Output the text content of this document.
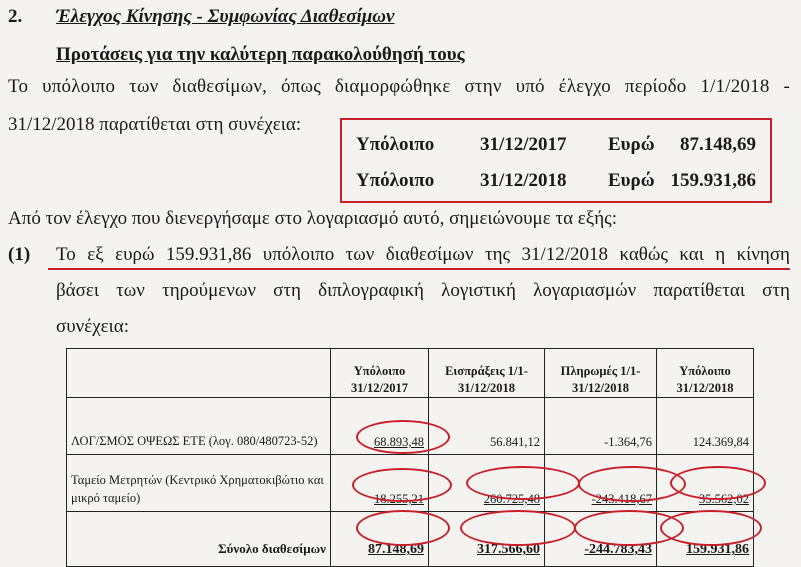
2. Έλεγχος Κίνησης - Συμφωνίας Διαθεσίμων
Προτάσεις για την καλύτερη παρακολούθησή τους
Το υπόλοιπο των διαθεσίμων, όπως διαμορφώθηκε στην υπό έλεγχο περίοδο 1/1/2018 -
31/12/2018 παρατίθεται στη συνέχεια:
Υπόλοιπο 31/12/2017 Ευρώ 87.148,69
Υπόλοιπο 31/12/2018 Ευρώ 159.931,86
Από τον έλεγχο που διενεργήσαμε στο λογαριασμό αυτό, σημειώνουμε τα εξής:
(1) Το εξ ευρώ 159.931,86 υπόλοιπο των διαθεσίμων της 31/12/2018 καθώς και η κίνηση
βάσει των τηρούμενων στη διπλογραφική λογιστική λογαριασμών παρατίθεται στη
συνέχεια:
	Υπόλοιπο 31/12/2017	Εισπράξεις 1/1-31/12/2018	Πληρωμές 1/1-31/12/2018	Υπόλοιπο 31/12/2018
ΛΟΓ/ΣΜΟΣ ΟΨΕΩΣ ΕΤΕ (λογ. 080/480723-52)	68.893,48	56.841,12	-1.364,76	124.369,84
Ταμείο Μετρητών (Κεντρικό Χρηματοκιβώτιο και μικρό ταμείο)	18.255,21	260.725,48	-243.418,67	35.562,02
Σύνολο διαθεσίμων	87.148,69	317.566,60	-244.783,43	159.931,86
